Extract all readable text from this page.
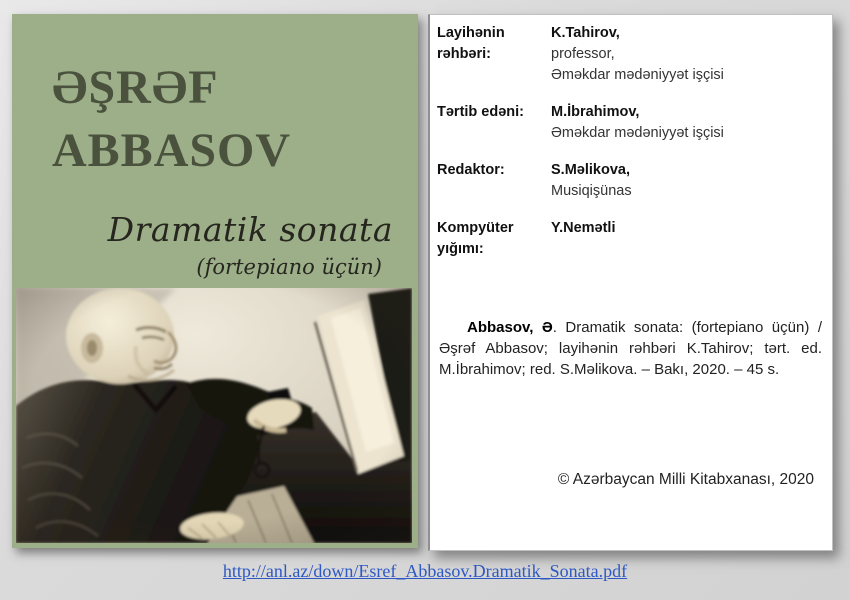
ƏŞRƏF
ABBASOV
Dramatik sonata
(fortepiano üçün)
Layihənin rəhbəri:
K.Tahirov,
professor,
Əməkdar mədəniyyət işçisi
Tərtib edəni:	M.İbrahimov,
Əməkdar mədəniyyət işçisi
Redaktor:	S.Məlikova,
Musiqişünas
Kompyüter yığımı:
Y.Nemətli

Abbasov, Ə. Dramatik sonata: (fortepiano üçün) / Əşrəf Abbasov; layihənin rəhbəri K.Tahirov; tərt. ed. M.İbrahimov; red. S.Məlikova. – Bakı, 2020. – 45 s.

© Azərbaycan Milli Kitabxanası, 2020
http://anl.az/down/Esref_Abbasov.Dramatik_Sonata.pdf
